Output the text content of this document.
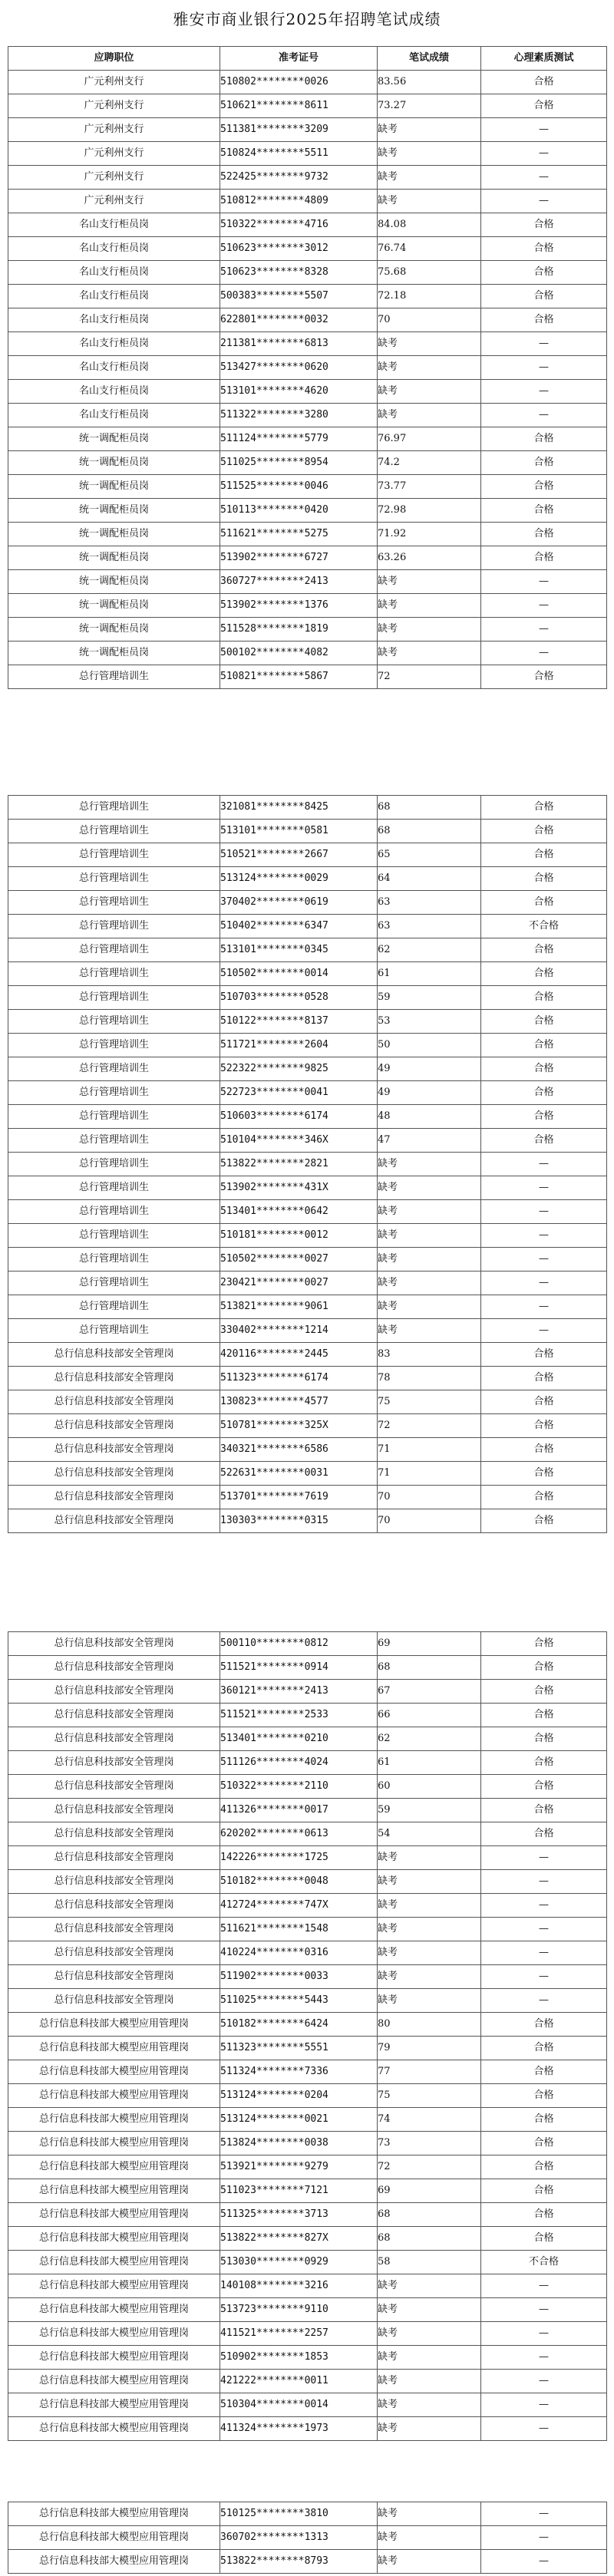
雅安市商业银行2025年招聘笔试成绩
应聘职位	准考证号	笔试成绩	心理素质测试
广元利州支行	510802********0026	83.56	合格
广元利州支行	510621********8611	73.27	合格
广元利州支行	511381********3209	缺考	—
广元利州支行	510824********5511	缺考	—
广元利州支行	522425********9732	缺考	—
广元利州支行	510812********4809	缺考	—
名山支行柜员岗	510322********4716	84.08	合格
名山支行柜员岗	510623********3012	76.74	合格
名山支行柜员岗	510623********8328	75.68	合格
名山支行柜员岗	500383********5507	72.18	合格
名山支行柜员岗	622801********0032	70	合格
名山支行柜员岗	211381********6813	缺考	—
名山支行柜员岗	513427********0620	缺考	—
名山支行柜员岗	513101********4620	缺考	—
名山支行柜员岗	511322********3280	缺考	—
统一调配柜员岗	511124********5779	76.97	合格
统一调配柜员岗	511025********8954	74.2	合格
统一调配柜员岗	511525********0046	73.77	合格
统一调配柜员岗	510113********0420	72.98	合格
统一调配柜员岗	511621********5275	71.92	合格
统一调配柜员岗	513902********6727	63.26	合格
统一调配柜员岗	360727********2413	缺考	—
统一调配柜员岗	513902********1376	缺考	—
统一调配柜员岗	511528********1819	缺考	—
统一调配柜员岗	500102********4082	缺考	—
总行管理培训生	510821********5867	72	合格
总行管理培训生	321081********8425	68	合格
总行管理培训生	513101********0581	68	合格
总行管理培训生	510521********2667	65	合格
总行管理培训生	513124********0029	64	合格
总行管理培训生	370402********0619	63	合格
总行管理培训生	510402********6347	63	不合格
总行管理培训生	513101********0345	62	合格
总行管理培训生	510502********0014	61	合格
总行管理培训生	510703********0528	59	合格
总行管理培训生	510122********8137	53	合格
总行管理培训生	511721********2604	50	合格
总行管理培训生	522322********9825	49	合格
总行管理培训生	522723********0041	49	合格
总行管理培训生	510603********6174	48	合格
总行管理培训生	510104********346X	47	合格
总行管理培训生	513822********2821	缺考	—
总行管理培训生	513902********431X	缺考	—
总行管理培训生	513401********0642	缺考	—
总行管理培训生	510181********0012	缺考	—
总行管理培训生	510502********0027	缺考	—
总行管理培训生	230421********0027	缺考	—
总行管理培训生	513821********9061	缺考	—
总行管理培训生	330402********1214	缺考	—
总行信息科技部安全管理岗	420116********2445	83	合格
总行信息科技部安全管理岗	511323********6174	78	合格
总行信息科技部安全管理岗	130823********4577	75	合格
总行信息科技部安全管理岗	510781********325X	72	合格
总行信息科技部安全管理岗	340321********6586	71	合格
总行信息科技部安全管理岗	522631********0031	71	合格
总行信息科技部安全管理岗	513701********7619	70	合格
总行信息科技部安全管理岗	130303********0315	70	合格
总行信息科技部安全管理岗	500110********0812	69	合格
总行信息科技部安全管理岗	511521********0914	68	合格
总行信息科技部安全管理岗	360121********2413	67	合格
总行信息科技部安全管理岗	511521********2533	66	合格
总行信息科技部安全管理岗	513401********0210	62	合格
总行信息科技部安全管理岗	511126********4024	61	合格
总行信息科技部安全管理岗	510322********2110	60	合格
总行信息科技部安全管理岗	411326********0017	59	合格
总行信息科技部安全管理岗	620202********0613	54	合格
总行信息科技部安全管理岗	142226********1725	缺考	—
总行信息科技部安全管理岗	510182********0048	缺考	—
总行信息科技部安全管理岗	412724********747X	缺考	—
总行信息科技部安全管理岗	511621********1548	缺考	—
总行信息科技部安全管理岗	410224********0316	缺考	—
总行信息科技部安全管理岗	511902********0033	缺考	—
总行信息科技部安全管理岗	511025********5443	缺考	—
总行信息科技部大模型应用管理岗	510182********6424	80	合格
总行信息科技部大模型应用管理岗	511323********5551	79	合格
总行信息科技部大模型应用管理岗	511324********7336	77	合格
总行信息科技部大模型应用管理岗	513124********0204	75	合格
总行信息科技部大模型应用管理岗	513124********0021	74	合格
总行信息科技部大模型应用管理岗	513824********0038	73	合格
总行信息科技部大模型应用管理岗	513921********9279	72	合格
总行信息科技部大模型应用管理岗	511023********7121	69	合格
总行信息科技部大模型应用管理岗	511325********3713	68	合格
总行信息科技部大模型应用管理岗	513822********827X	68	合格
总行信息科技部大模型应用管理岗	513030********0929	58	不合格
总行信息科技部大模型应用管理岗	140108********3216	缺考	—
总行信息科技部大模型应用管理岗	513723********9110	缺考	—
总行信息科技部大模型应用管理岗	411521********2257	缺考	—
总行信息科技部大模型应用管理岗	510902********1853	缺考	—
总行信息科技部大模型应用管理岗	421222********0011	缺考	—
总行信息科技部大模型应用管理岗	510304********0014	缺考	—
总行信息科技部大模型应用管理岗	411324********1973	缺考	—
总行信息科技部大模型应用管理岗	510125********3810	缺考	—
总行信息科技部大模型应用管理岗	360702********1313	缺考	—
总行信息科技部大模型应用管理岗	513822********8793	缺考	—
